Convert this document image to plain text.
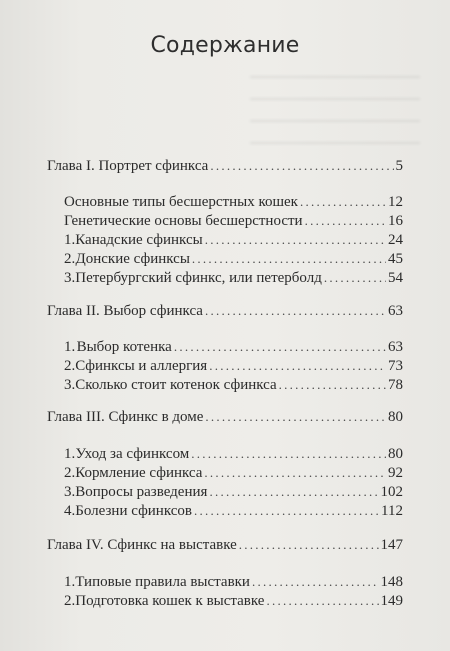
Содержание
Глава I. Портрет сфинкса . . .	5
Основные типы бесшерстных кошек . . .	12
Генетические основы бесшерстности . . .	16
1. Канадские сфинксы . . .	24
2. Донские сфинксы . . .	45
3. Петербургский сфинкс, или петерболд . . .	54
Глава II. Выбор сфинкса . . .	63
1. Выбор котенка . . .	63
2. Сфинксы и аллергия . . .	73
3. Сколько стоит котенок сфинкса . . .	78
Глава III. Сфинкс в доме . . .	80
1. Уход за сфинксом . . .	80
2. Кормление сфинкса . . .	92
3. Вопросы разведения . . .	102
4. Болезни сфинксов . . .	112
Глава IV. Сфинкс на выставке . . .	147
1. Типовые правила выставки . . .	148
2. Подготовка кошек к выставке . . .	149
